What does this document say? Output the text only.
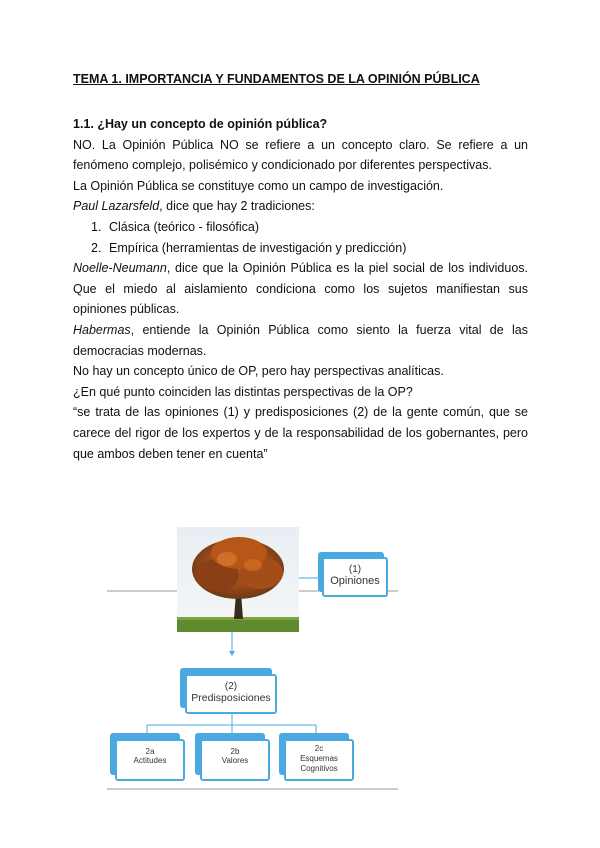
TEMA 1. IMPORTANCIA Y FUNDAMENTOS DE LA OPINIÓN PÚBLICA

1.1. ¿Hay un concepto de opinión pública?

NO. La Opinión Pública NO se refiere a un concepto claro. Se refiere a un fenómeno complejo, polisémico y condicionado por diferentes perspectivas.

La Opinión Pública se constituye como un campo de investigación.

Paul Lazarsfeld, dice que hay 2 tradiciones:

1. Clásica (teórico - filosófica)
2. Empírica (herramientas de investigación y predicción)

Noelle-Neumann, dice que la Opinión Pública es la piel social de los individuos. Que el miedo al aislamiento condiciona como los sujetos manifiestan sus opiniones públicas.

Habermas, entiende la Opinión Pública como siento la fuerza vital de las democracias modernas.

No hay un concepto único de OP, pero hay perspectivas analíticas.

¿En qué punto coinciden las distintas perspectivas de la OP?

“se trata de las opiniones (1) y predisposiciones (2) de la gente común, que se carece del rigor de los expertos y de la responsabilidad de los gobernantes, pero que ambos deben tener en cuenta”

(1)
Opiniones
(2)
Predisposiciones
2a
Actitudes
2b
Valores
2c
Esquemas Cognitivos
